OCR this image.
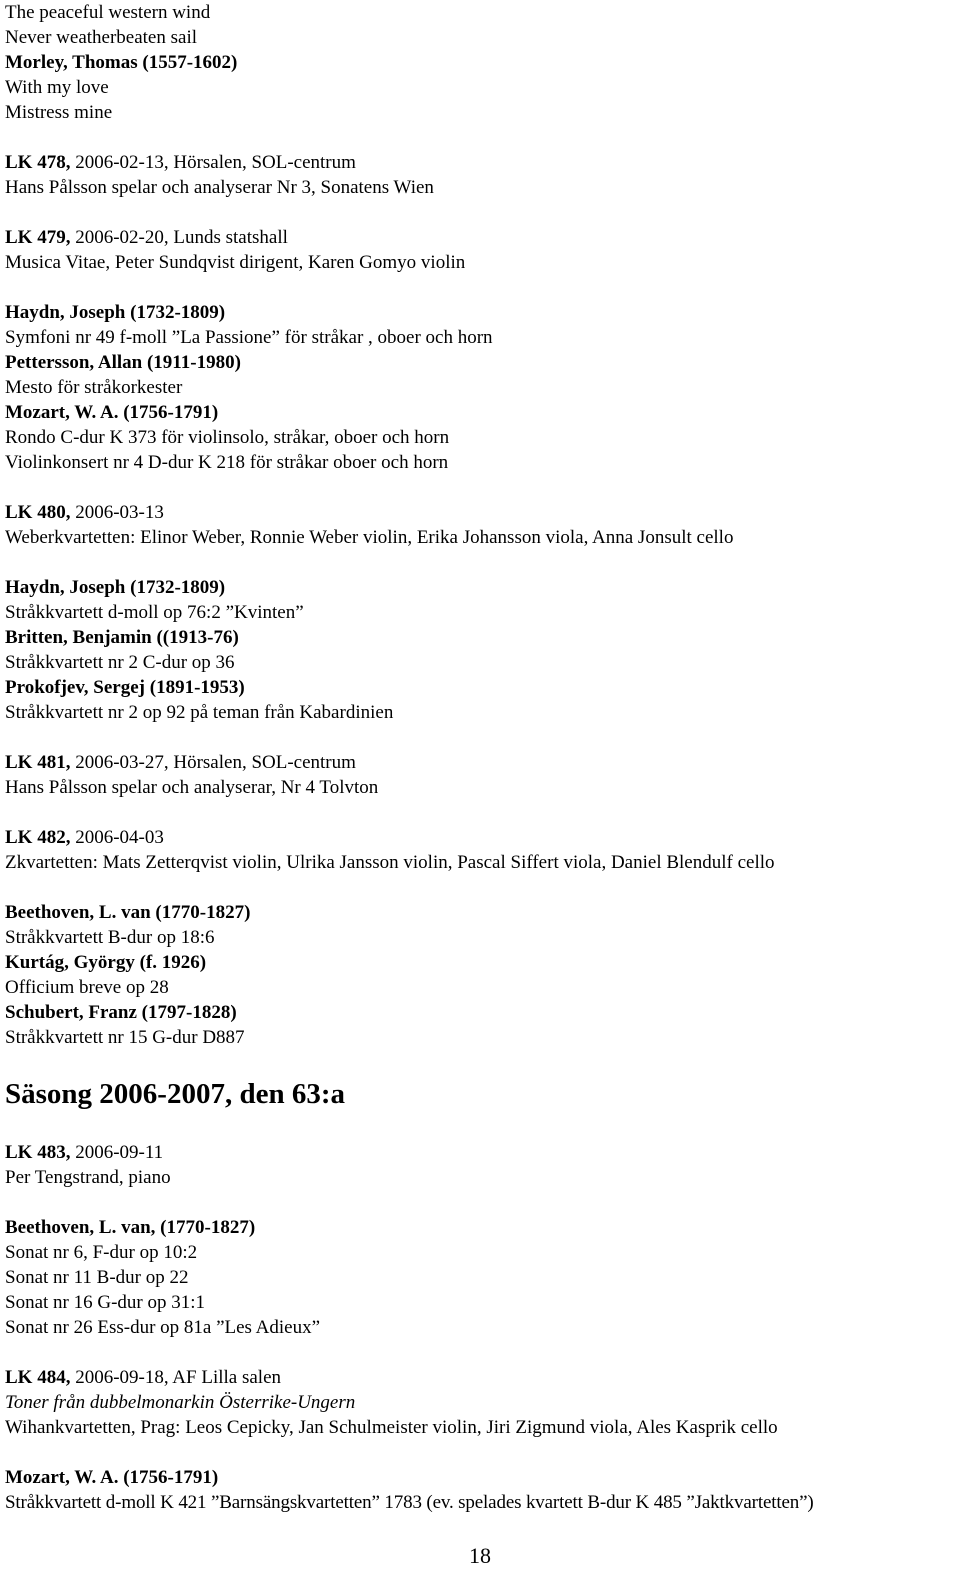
The peaceful western wind
Never weatherbeaten sail
Morley, Thomas (1557-1602)
With my love
Mistress mine
LK 478, 2006-02-13, Hörsalen, SOL-centrum
Hans Pålsson spelar och analyserar Nr 3, Sonatens Wien
LK 479, 2006-02-20, Lunds statshall
Musica Vitae, Peter Sundqvist dirigent, Karen Gomyo violin
Haydn, Joseph (1732-1809)
Symfoni nr 49 f-moll ”La Passione” för stråkar , oboer och horn
Pettersson, Allan (1911-1980)
Mesto för stråkorkester
Mozart, W. A. (1756-1791)
Rondo C-dur K 373 för violinsolo, stråkar, oboer och horn
Violinkonsert nr 4 D-dur K 218 för stråkar oboer och horn
LK 480, 2006-03-13
Weberkvartetten: Elinor Weber, Ronnie Weber violin, Erika Johansson viola, Anna Jonsult cello
Haydn, Joseph (1732-1809)
Stråkkvartett d-moll op 76:2 ”Kvinten”
Britten, Benjamin ((1913-76)
Stråkkvartett nr 2 C-dur op 36
Prokofjev, Sergej (1891-1953)
Stråkkvartett nr 2 op 92 på teman från Kabardinien
LK 481, 2006-03-27, Hörsalen, SOL-centrum
Hans Pålsson spelar och analyserar, Nr 4 Tolvton
LK 482, 2006-04-03
Zkvartetten: Mats Zetterqvist violin, Ulrika Jansson violin, Pascal Siffert viola, Daniel Blendulf cello
Beethoven, L. van (1770-1827)
Stråkkvartett B-dur op 18:6
Kurtág, György (f. 1926)
Officium breve op 28
Schubert, Franz (1797-1828)
Stråkkvartett nr 15 G-dur D887
Säsong 2006-2007, den 63:a
LK 483, 2006-09-11
Per Tengstrand, piano
Beethoven, L. van, (1770-1827)
Sonat nr 6, F-dur op 10:2
Sonat nr 11 B-dur op 22
Sonat nr 16 G-dur op 31:1
Sonat nr 26 Ess-dur op 81a ”Les Adieux”
LK 484, 2006-09-18, AF Lilla salen
Toner från dubbelmonarkin Österrike-Ungern
Wihankvartetten, Prag: Leos Cepicky, Jan Schulmeister violin, Jiri Zigmund viola, Ales Kasprik cello
Mozart, W. A. (1756-1791)
Stråkkvartett d-moll K 421 ”Barnsängskvartetten” 1783 (ev. spelades kvartett B-dur K 485 ”Jaktkvartetten”)
18
